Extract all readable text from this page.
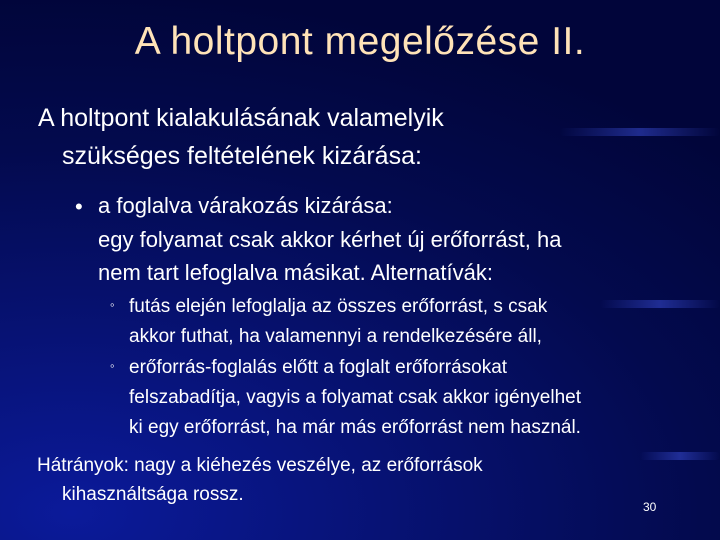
A holtpont megelőzése II.
A holtpont kialakulásának valamelyik
szükséges feltételének kizárása:
• a foglalva várakozás kizárása:
egy folyamat csak akkor kérhet új erőforrást, ha
nem tart lefoglalva másikat. Alternatívák:
◦ futás elején lefoglalja az összes erőforrást, s csak
akkor futhat, ha valamennyi a rendelkezésére áll,
◦ erőforrás-foglalás előtt a foglalt erőforrásokat
felszabadítja, vagyis a folyamat csak akkor igényelhet
ki egy erőforrást, ha már más erőforrást nem használ.
Hátrányok: nagy a kiéhezés veszélye, az erőforrások
kihasználtsága rossz.
30
